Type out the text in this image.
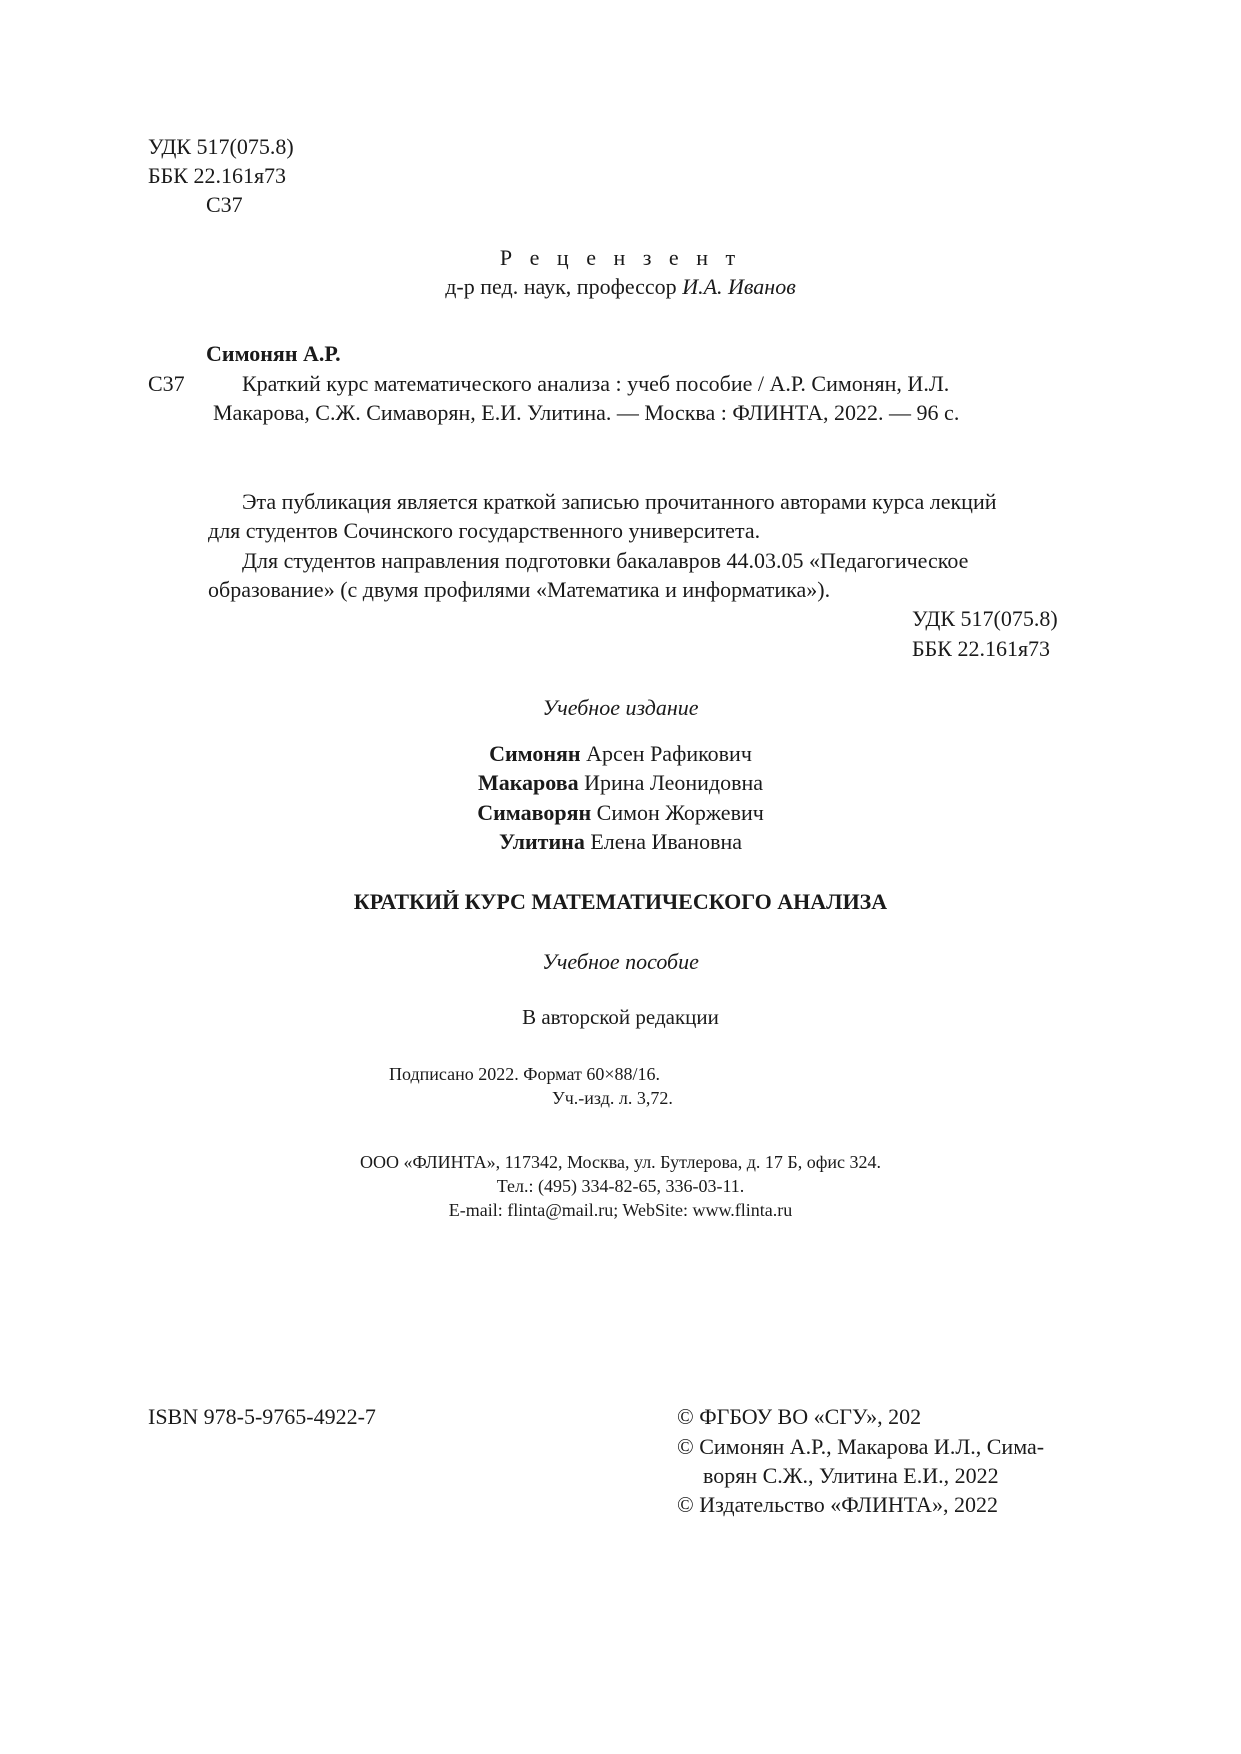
УДК 517(075.8)
ББК 22.161я73
С37
Р е ц е н з е н т
д-р пед. наук, профессор И.А. Иванов
Симонян А.Р.
С37	Краткий курс математического анализа : учеб пособие / А.Р. Симонян, И.Л.
Макарова, С.Ж. Симаворян, Е.И. Улитина. — Москва : ФЛИНТА, 2022. — 96 с.
Эта публикация является краткой записью прочитанного авторами курса лекций
для студентов Сочинского государственного университета.
Для студентов направления подготовки бакалавров 44.03.05 «Педагогическое
образование» (с двумя профилями «Математика и информатика»).
УДК 517(075.8)
ББК 22.161я73
Учебное издание
Симонян Арсен Рафикович
Макарова Ирина Леонидовна
Симаворян Симон Жоржевич
Улитина Елена Ивановна
КРАТКИЙ КУРС МАТЕМАТИЧЕСКОГО АНАЛИЗА
Учебное пособие
В авторской редакции
Подписано 2022. Формат 60×88/16.
Уч.-изд. л. 3,72.
ООО «ФЛИНТА», 117342, Москва, ул. Бутлерова, д. 17 Б, офис 324.
Тел.: (495) 334-82-65, 336-03-11.
E-mail: flinta@mail.ru; WebSite: www.flinta.ru
ISBN 978-5-9765-4922-7	© ФГБОУ ВО «СГУ», 202
© Симонян А.Р., Макарова И.Л., Сима-
ворян С.Ж., Улитина Е.И., 2022
© Издательство «ФЛИНТА», 2022
